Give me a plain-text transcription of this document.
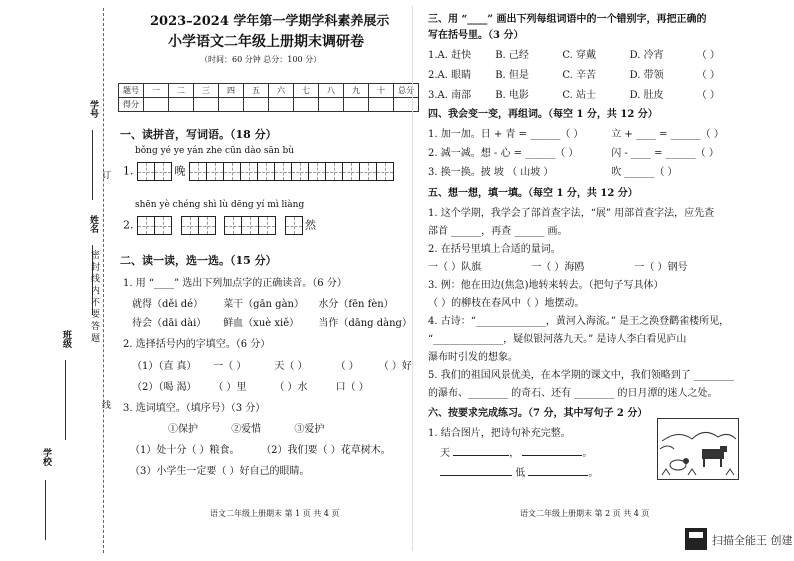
学号
姓名
密 封 线 内 不 要 答 题
班级
学校
订
线
2023–2024 学年第一学期学科素养展示
小学语文二年级上册期末调研卷
（时间：60 分钟 总分：100 分）
题号	一	二	三	四	五	六	七	八	九	十	总分
得分											
一、读拼音，写词语。（18 分）
bǒng yé ye yán zhe cūn dào sān bù
1.	晚
shēn yè chéng shì lù dēng yí mì liàng
2.	然
二、读一读，选一选。（15 分）
1. 用 “____” 选出下列加点字的正确读音。（6 分）
就得（děi dé） 菜干（gān gàn） 水分（fēn fèn）
待会（dāi dài） 鲜血（xuè xiě） 当作（dāng dàng）
2. 选择括号内的字填空。（6 分）
（1）（直 真） 一（ ）	天（ ）	（ ） （ ）好
（2）（喝 渴） （ ）里	（ ）水	口（ ）
3. 选词填空。（填序号）（3 分）
①保护	②爱惜	③爱护
（1）处十分（ ）粮食。 （2）我们要（ ）花草树木。
（3）小学生一定要（ ）好自己的眼睛。
语文二年级上册期末 第 1 页 共 4 页
三、用 “____” 画出下列每组词语中的一个错别字，再把正确的
写在括号里。（3 分）
1.A. 赶快 B. 己经	C. 穿戴	D. 冷宵	（ ）
2.A. 眼睛 B. 但是	C. 辛苦	D. 带领	（ ）
3.A. 南部 B. 电影	C. 站士	D. 肚皮	（ ）
四、我会变一变，再组词。（每空 1 分，共 12 分）
1. 加一加。日 + 青 = ______（ ）	立 + ____ = ______（ ）
2. 减一减。想 - 心 = ______（ ）	闪 - ____ = ______（ ）
3. 换一换。披 坡 （ 山坡 ）	吹 ______（ ）
五、想一想，填一填。（每空 1 分，共 12 分）
1. 这个学期，我学会了部首查字法，“展” 用部首查字法，应先查
部首 ______，再查 ______ 画。
2. 在括号里填上合适的量词。
一（ ）队旗	一（ ）海鸥	一（ ）钢号
3. 例：他在田边(焦急)地转来转去。（把句子写具体）
（ ）的柳枝在春风中（ ）地摆动。
4. 古诗：“______________，黄河入海流。” 是王之涣登鹳雀楼所见，
“______________，疑似银河落九天。” 是诗人李白看见庐山
瀑布时引发的想象。
5. 我们的祖国风景优美，在本学期的课文中，我们领略到了 ________
的瀑布、________ 的奇石、还有 ________ 的日月潭的迷人之处。
六、按要求完成练习。（7 分，其中写句子 2 分）
1. 结合图片，把诗句补充完整。
天	，	。
低	。
语文二年级上册期末 第 2 页 共 4 页
扫描全能王 创建
